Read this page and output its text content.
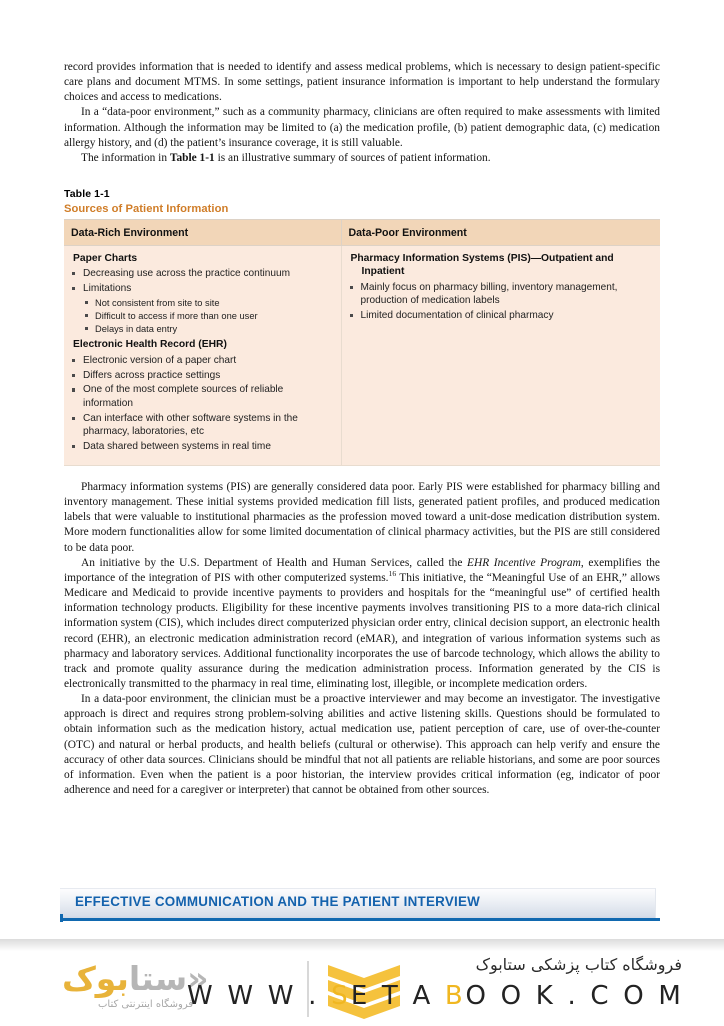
record provides information that is needed to identify and assess medical problems, which is necessary to design patient-specific care plans and document MTMS. In some settings, patient insurance information is important to help understand the formulary choices and access to medications.

In a “data-poor environment,” such as a community pharmacy, clinicians are often required to make assessments with limited information. Although the information may be limited to (a) the medication profile, (b) patient demographic data, (c) medication allergy history, and (d) the patient’s insurance coverage, it is still valuable.

The information in Table 1-1 is an illustrative summary of sources of patient information.

Table 1-1
Sources of Patient Information
Data-Rich Environment	Data-Poor Environment

Paper Charts
Decreasing use across the practice continuum
Limitations
Not consistent from site to site
Difficult to access if more than one user
Delays in data entry
Electronic Health Record (EHR)
Electronic version of a paper chart
Differs across practice settings
One of the most complete sources of reliable information
Can interface with other software systems in the pharmacy, laboratories, etc
Data shared between systems in real time

Pharmacy Information Systems (PIS)—Outpatient and
Inpatient
Mainly focus on pharmacy billing, inventory management, production of medication labels
Limited documentation of clinical pharmacy

Pharmacy information systems (PIS) are generally considered data poor. Early PIS were established for pharmacy billing and inventory management. These initial systems provided medication fill lists, generated patient profiles, and produced medication labels that were valuable to institutional pharmacies as the profession moved toward a unit-dose medication distribution system. More modern functionalities allow for some limited documentation of clinical pharmacy activities, but the PIS are still considered to be data poor.

An initiative by the U.S. Department of Health and Human Services, called the EHR Incentive Program, exemplifies the importance of the integration of PIS with other computerized systems.$^{16}$ This initiative, the “Meaningful Use of an EHR,” allows Medicare and Medicaid to provide incentive payments to providers and hospitals for the “meaningful use” of certified health information technology products. Eligibility for these incentive payments involves transitioning PIS to a more data-rich clinical information system (CIS), which includes direct computerized physician order entry, clinical decision support, an electronic health record (EHR), an electronic medication administration record (eMAR), and integration of various information systems such as pharmacy and laboratory services. Additional functionality incorporates the use of barcode technology, which allows the ability to track and promote quality assurance during the medication administration process. Information generated by the CIS is electronically transmitted to the pharmacy in real time, eliminating lost, illegible, or incomplete medication orders.

In a data-poor environment, the clinician must be a proactive interviewer and may become an investigator. The investigative approach is direct and requires strong problem-solving abilities and active listening skills. Questions should be formulated to obtain information such as the medication history, actual medication use, patient perception of care, use of over-the-counter (OTC) and natural or herbal products, and health beliefs (cultural or otherwise). This approach can help verify and ensure the accuracy of other data sources. Clinicians should be mindful that not all patients are reliable historians, and some are poor sources of information. Even when the patient is a poor historian, the interview provides critical information (eg, indicator of poor adherence and need for a caregiver or interpreter) that cannot be obtained from other sources.

EFFECTIVE COMMUNICATION AND THE PATIENT INTERVIEW
«ستابوک
فروشگاه اینترنتی کتاب
فروشگاه کتاب پزشکی ستابوک
W W W . SE T A BO O K . C O M
